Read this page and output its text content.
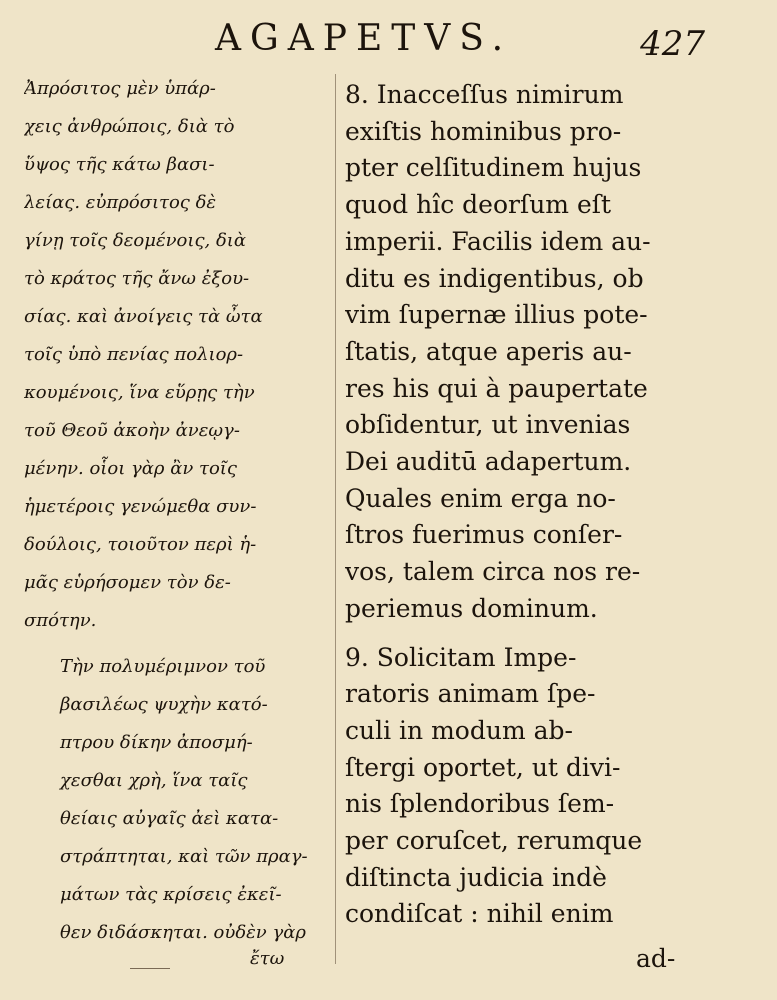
AGAPETVS.	427

Ἀπρόσιτος μὲν ὑπάρ-
χεις ἀνθρώποις, διὰ τὸ
ὕψος τῆς κάτω βασι-
λείας. εὐπρόσιτος δὲ
γίνῃ τοῖς δεομένοις, διὰ
τὸ κράτος τῆς ἄνω ἐξου-
σίας. καὶ ἀνοίγεις τὰ ὦτα
τοῖς ὑπὸ πενίας πολιορ-
κουμένοις, ἵνα εὕρῃς τὴν
τοῦ Θεοῦ ἀκοὴν ἀνεῳγ-
μένην. οἷοι γὰρ ἂν τοῖς
ἡμετέροις γενώμεθα συν-
δούλοις, τοιοῦτον περὶ ἡ-
μᾶς εὑρήσομεν τὸν δε-
σπότην.

Τὴν πολυμέριμνον τοῦ
βασιλέως ψυχὴν κατό-
πτρου δίκην ἀποσμή-
χεσθαι χρὴ, ἵνα ταῖς
θείαις αὐγαῖς ἀεὶ κατα-
στράπτηται, καὶ τῶν πραγ-
μάτων τὰς κρίσεις ἐκεῖ-
θεν διδάσκηται. οὐδὲν γὰρ

ἔτω
8. Inacceſſus nimirum
exiſtis hominibus pro-
pter celſitudinem hujus
quod hîc deorſum eſt
imperii. Facilis idem au-
ditu es indigentibus, ob
vim ſupernæ illius pote-
ſtatis, atque aperis au-
res his qui à paupertate
obſidentur, ut invenias
Dei auditū adapertum.
Quales enim erga no-
ſtros fuerimus conſer-
vos, talem circa nos re-
periemus dominum.
9. Solicitam Impe-
ratoris animam ſpe-
culi in modum ab-
ſtergi oportet, ut divi-
nis ſplendoribus ſem-
per coruſcet, rerumque
diſtincta judicia indè
condiſcat : nihil enim
ad-
